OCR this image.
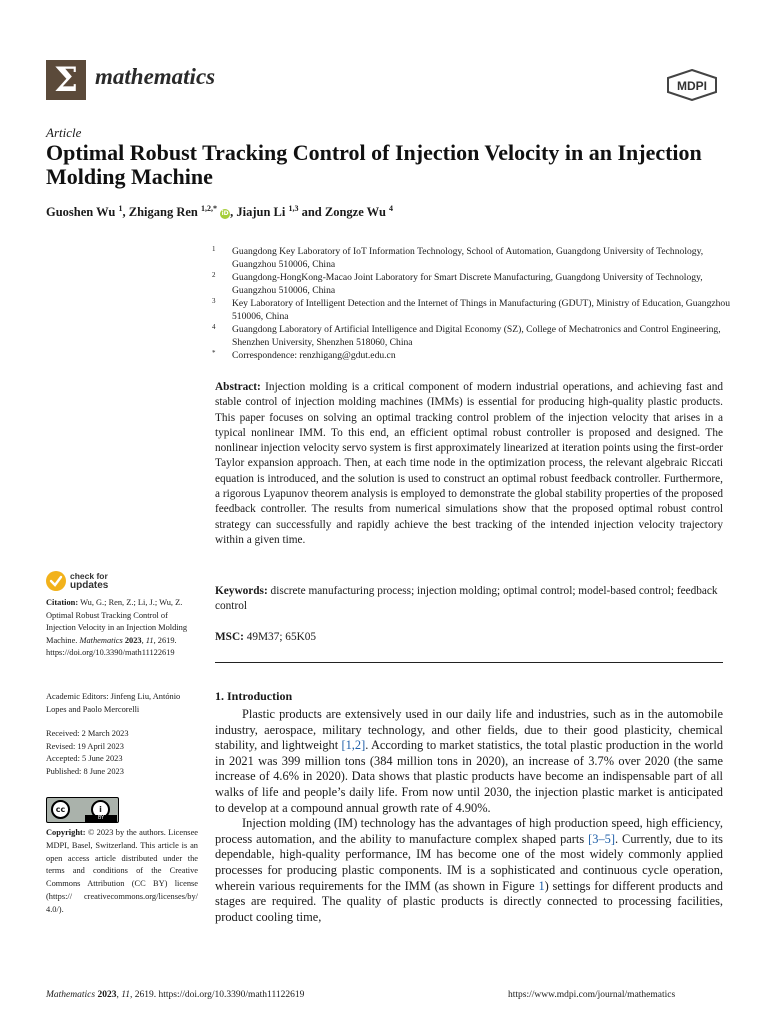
Σ mathematics	MDPI
Article
Optimal Robust Tracking Control of Injection Velocity in an Injection Molding Machine
Guoshen Wu $^1$, Zhigang Ren $^{1,2,*}$ iD, Jiajun Li $^{1,3}$ and Zongze Wu $^4$
1 Guangdong Key Laboratory of IoT Information Technology, School of Automation, Guangdong University of Technology, Guangzhou 510006, China
2 Guangdong-HongKong-Macao Joint Laboratory for Smart Discrete Manufacturing, Guangdong University of Technology, Guangzhou 510006, China
3 Key Laboratory of Intelligent Detection and the Internet of Things in Manufacturing (GDUT), Ministry of Education, Guangzhou 510006, China
4 Guangdong Laboratory of Artificial Intelligence and Digital Economy (SZ), College of Mechatronics and Control Engineering, Shenzhen University, Shenzhen 518060, China
* Correspondence: renzhigang@gdut.edu.cn
Abstract: Injection molding is a critical component of modern industrial operations, and achieving fast and stable control of injection molding machines (IMMs) is essential for producing high-quality plastic products. This paper focuses on solving an optimal tracking control problem of the injection velocity that arises in a typical nonlinear IMM. To this end, an efficient optimal robust controller is proposed and designed. The nonlinear injection velocity servo system is first approximately linearized at iteration points using the first-order Taylor expansion approach. Then, at each time node in the optimization process, the relevant algebraic Riccati equation is introduced, and the solution is used to construct an optimal robust feedback controller. Furthermore, a rigorous Lyapunov theorem analysis is employed to demonstrate the global stability properties of the proposed feedback controller. The results from numerical simulations show that the proposed optimal robust control strategy can successfully and rapidly achieve the best tracking of the intended injection velocity trajectory within a given time.
Keywords: discrete manufacturing process; injection molding; optimal control; model-based control; feedback control
MSC: 49M37; 65K05
check for
updates
Citation: Wu, G.; Ren, Z.; Li, J.; Wu, Z. Optimal Robust Tracking Control of Injection Velocity in an Injection Molding Machine. Mathematics 2023, 11, 2619. https://doi.org/10.3390/math11122619
Academic Editors: Jinfeng Liu, António Lopes and Paolo Mercorelli
Received: 2 March 2023
Revised: 19 April 2023
Accepted: 5 June 2023
Published: 8 June 2023
cc	i
BY
Copyright: © 2023 by the authors. Licensee MDPI, Basel, Switzerland. This article is an open access article distributed under the terms and conditions of the Creative Commons Attribution (CC BY) license (https:// creativecommons.org/licenses/by/ 4.0/).
1. Introduction

Plastic products are extensively used in our daily life and industries, such as in the automobile industry, aerospace, military technology, and other fields, due to their good plasticity, chemical stability, and lightweight [1,2]. According to market statistics, the total plastic production in the world in 2021 was 399 million tons (384 million tons in 2020), an increase of 3.7% over 2020 (the same increase of 4.6% in 2020). Data shows that plastic products have become an indispensable part of all walks of life and people’s daily life. From now until 2030, the injection plastic market is anticipated to develop at a compound annual growth rate of 4.90%.

Injection molding (IM) technology has the advantages of high production speed, high efficiency, process automation, and the ability to manufacture complex shaped parts [3–5]. Currently, due to its dependable, high-quality performance, IM has become one of the most widely commonly applied processes for producing plastic components. IM is a sophisticated and continuous cycle operation, wherein various requirements for the IMM (as shown in Figure 1) settings for different products and stages are required. The quality of plastic products is directly connected to processing facilities, product cooling time,

Mathematics 2023, 11, 2619. https://doi.org/10.3390/math11122619	https://www.mdpi.com/journal/mathematics
